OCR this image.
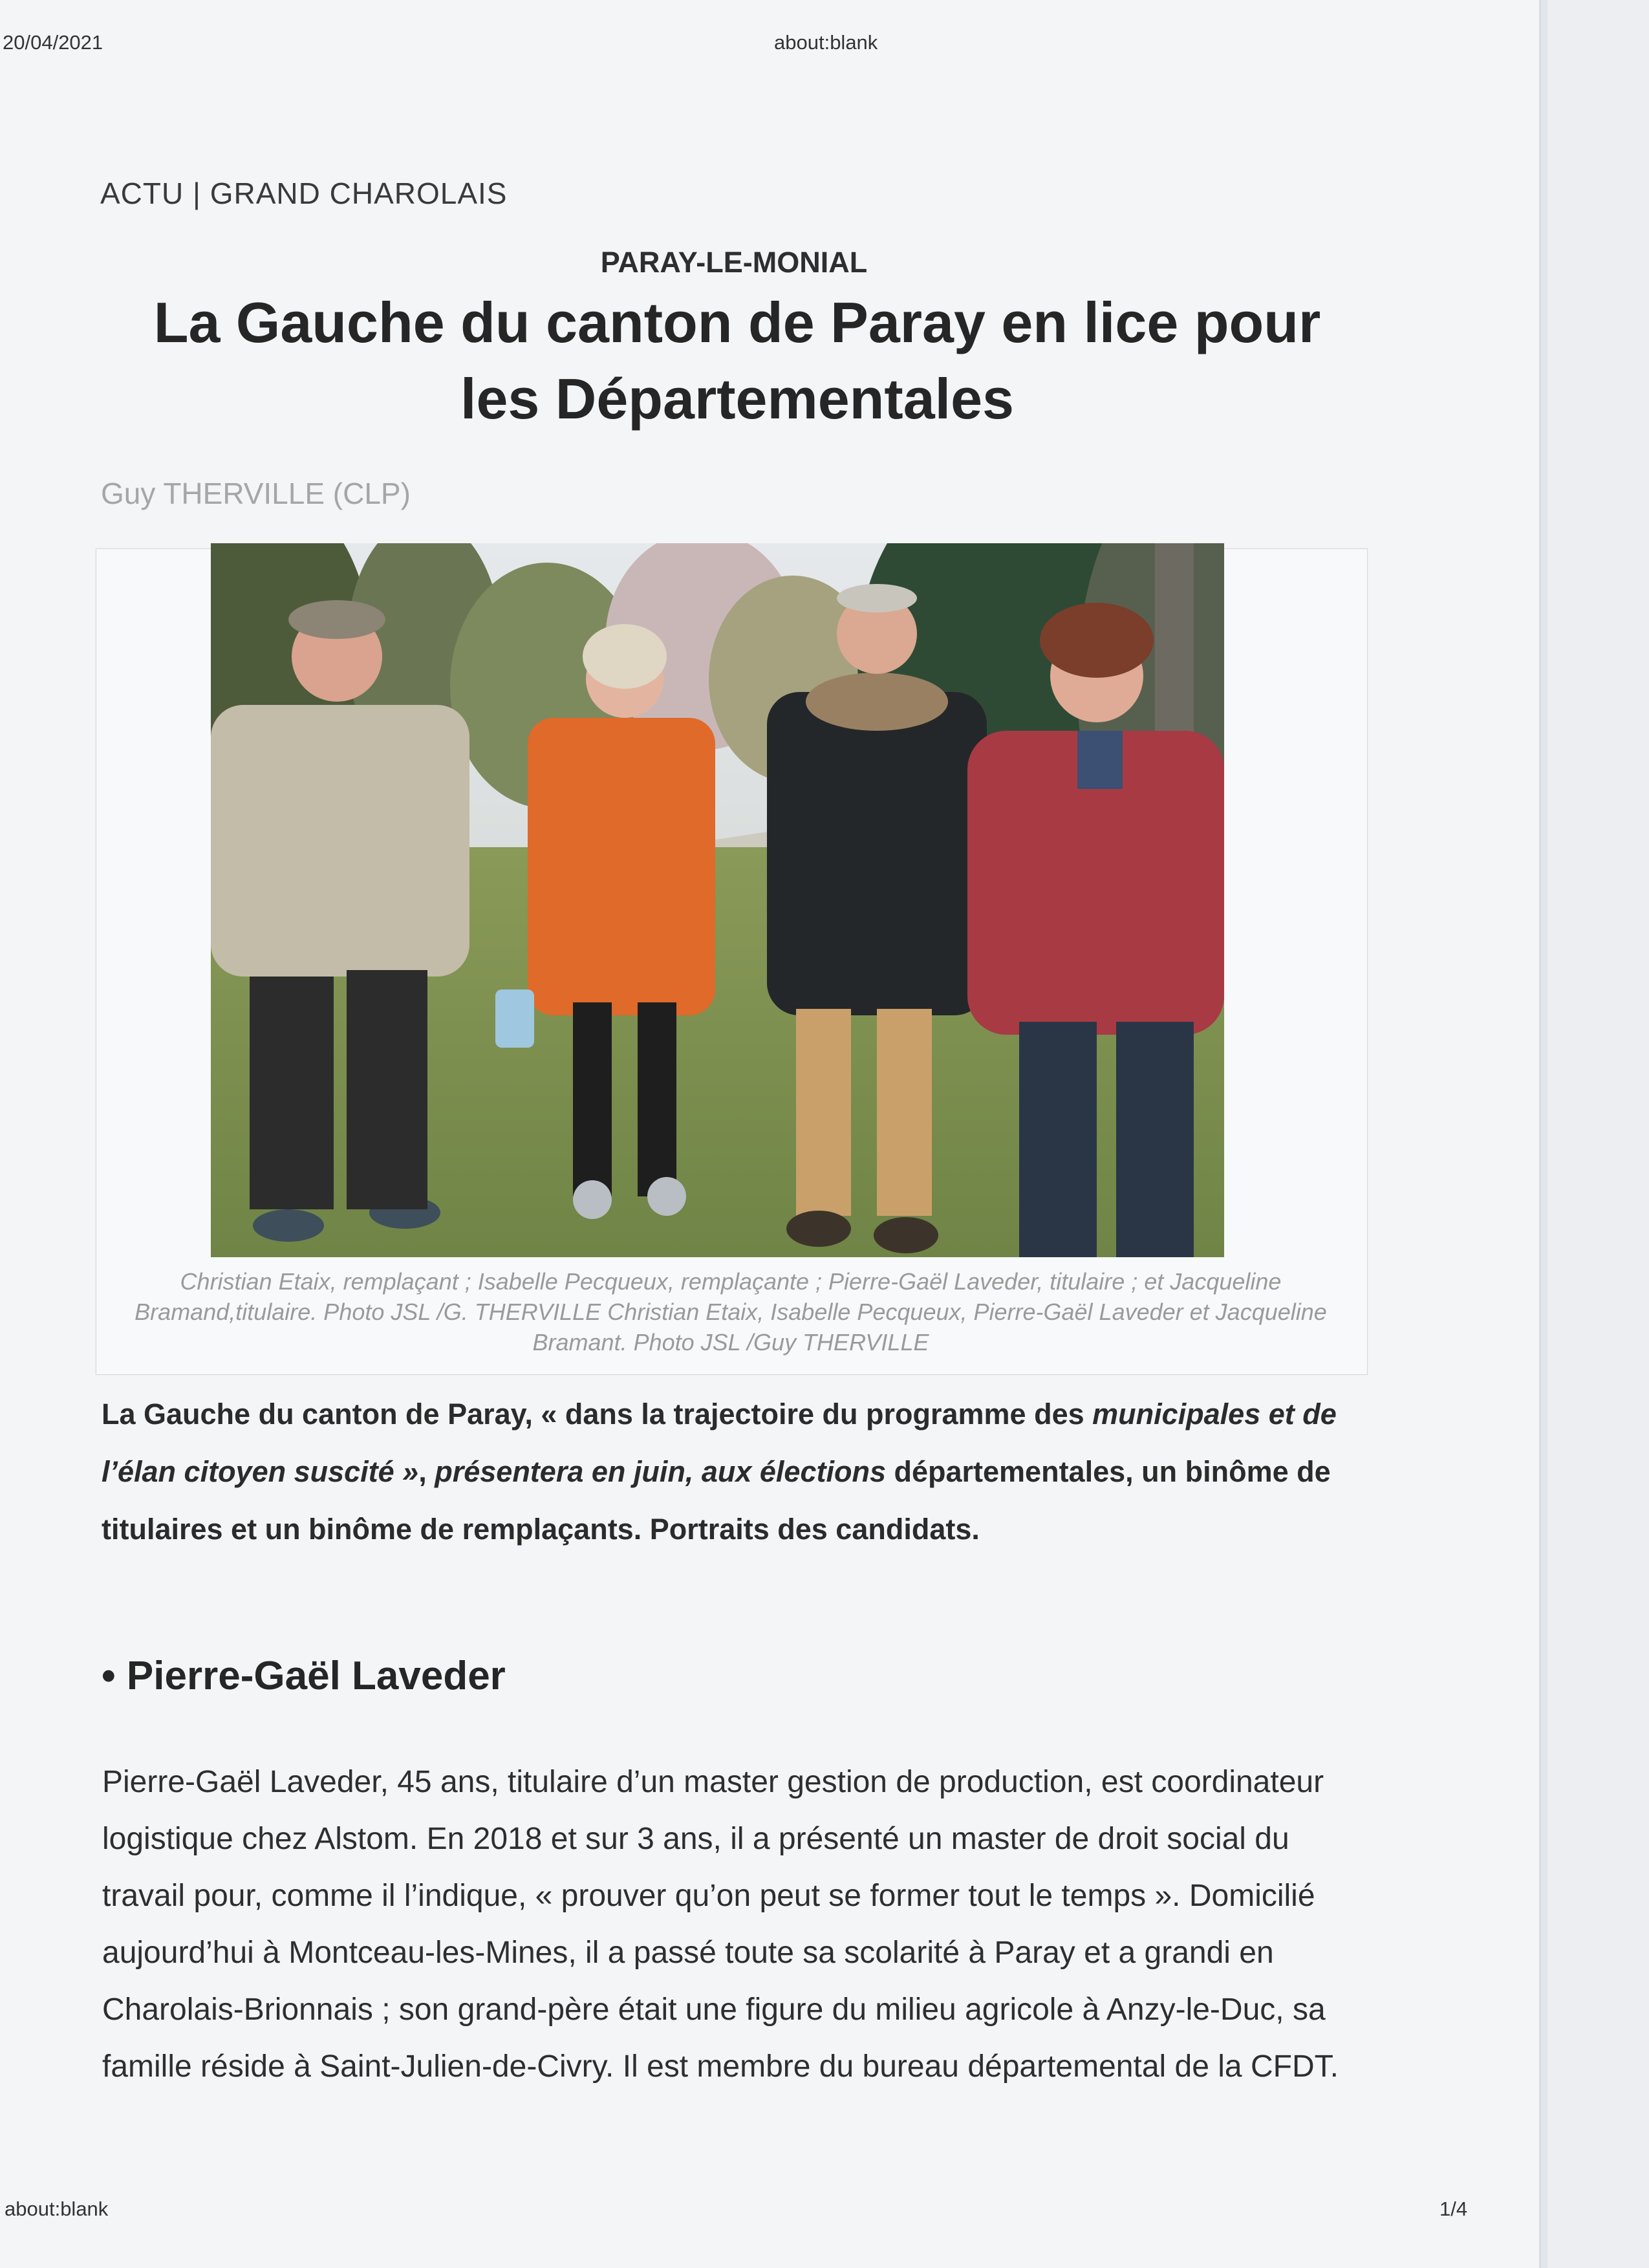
20/04/2021	about:blank
ACTU | GRAND CHAROLAIS
PARAY-LE-MONIAL
La Gauche du canton de Paray en lice pour
les Départementales
Guy THERVILLE (CLP)
Christian Etaix, remplaçant ; Isabelle Pecqueux, remplaçante ; Pierre-Gaël Laveder, titulaire ; et Jacqueline Bramand,titulaire. Photo JSL /G. THERVILLE Christian Etaix, Isabelle Pecqueux, Pierre-Gaël Laveder et Jacqueline Bramant. Photo JSL /Guy THERVILLE
La Gauche du canton de Paray, « dans la trajectoire du programme des municipales et de l’élan citoyen suscité », présentera en juin, aux élections départementales, un binôme de titulaires et un binôme de remplaçants. Portraits des candidats.
• Pierre-Gaël Laveder
Pierre-Gaël Laveder, 45 ans, titulaire d’un master gestion de production, est coordinateur logistique chez Alstom. En 2018 et sur 3 ans, il a présenté un master de droit social du travail pour, comme il l’indique, « prouver qu’on peut se former tout le temps ». Domicilié aujourd’hui à Montceau-les-Mines, il a passé toute sa scolarité à Paray et a grandi en Charolais-Brionnais ; son grand-père était une figure du milieu agricole à Anzy-le-Duc, sa famille réside à Saint-Julien-de-Civry. Il est membre du bureau départemental de la CFDT.
about:blank	1/4
